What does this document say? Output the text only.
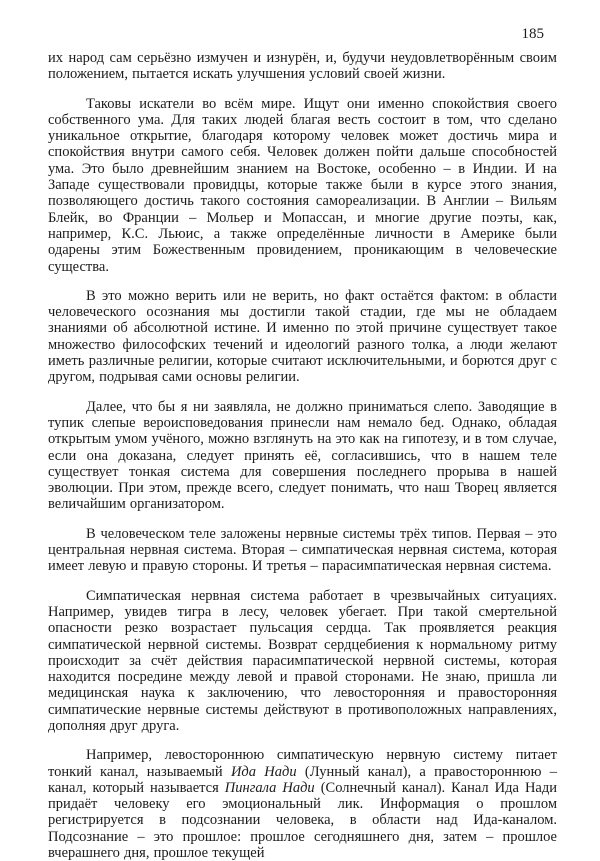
185

их народ сам серьёзно измучен и изнурён, и, будучи неудовлетворённым своим положением, пытается искать улучшения условий своей жизни.

Таковы искатели во всём мире. Ищут они именно спокойствия своего собственного ума. Для таких людей благая весть состоит в том, что сделано уникальное открытие, благодаря которому человек может достичь мира и спокойствия внутри самого себя. Человек должен пойти дальше способностей ума. Это было древнейшим знанием на Востоке, особенно – в Индии. И на Западе существовали провидцы, которые также были в курсе этого знания, позволяющего достичь такого состояния самореализации. В Англии – Вильям Блейк, во Франции – Мольер и Мопассан, и многие другие поэты, как, например, К.С. Льюис, а также определённые личности в Америке были одарены этим Божественным провидением, проникающим в человеческие существа.

В это можно верить или не верить, но факт остаётся фактом: в области человеческого осознания мы достигли такой стадии, где мы не обладаем знаниями об абсолютной истине. И именно по этой причине существует такое множество философских течений и идеологий разного толка, а люди желают иметь различные религии, которые считают исключительными, и борются друг с другом, подрывая сами основы религии.

Далее, что бы я ни заявляла, не должно приниматься слепо. Заводящие в тупик слепые вероисповедования принесли нам немало бед. Однако, обладая открытым умом учёного, можно взглянуть на это как на гипотезу, и в том случае, если она доказана, следует принять её, согласившись, что в нашем теле существует тонкая система для совершения последнего прорыва в нашей эволюции. При этом, прежде всего, следует понимать, что наш Творец является величайшим организатором.

В человеческом теле заложены нервные системы трёх типов. Первая – это центральная нервная система. Вторая – симпатическая нервная система, которая имеет левую и правую стороны. И третья – парасимпатическая нервная система.

Симпатическая нервная система работает в чрезвычайных ситуациях. Например, увидев тигра в лесу, человек убегает. При такой смертельной опасности резко возрастает пульсация сердца. Так проявляется реакция симпатической нервной системы. Возврат сердцебиения к нормальному ритму происходит за счёт действия парасимпатической нервной системы, которая находится посредине между левой и правой сторонами. Не знаю, пришла ли медицинская наука к заключению, что левосторонняя и правосторонняя симпатические нервные системы действуют в противоположных направлениях, дополняя друг друга.

Например, левостороннюю симпатическую нервную систему питает тонкий канал, называемый Ида Нади (Лунный канал), а правостороннюю – канал, который называется Пингала Нади (Солнечный канал). Канал Ида Нади придаёт человеку его эмоциональный лик. Информация о прошлом регистрируется в подсознании человека, в области над Ида-каналом. Подсознание – это прошлое: прошлое сегодняшнего дня, затем – прошлое вчерашнего дня, прошлое текущей
